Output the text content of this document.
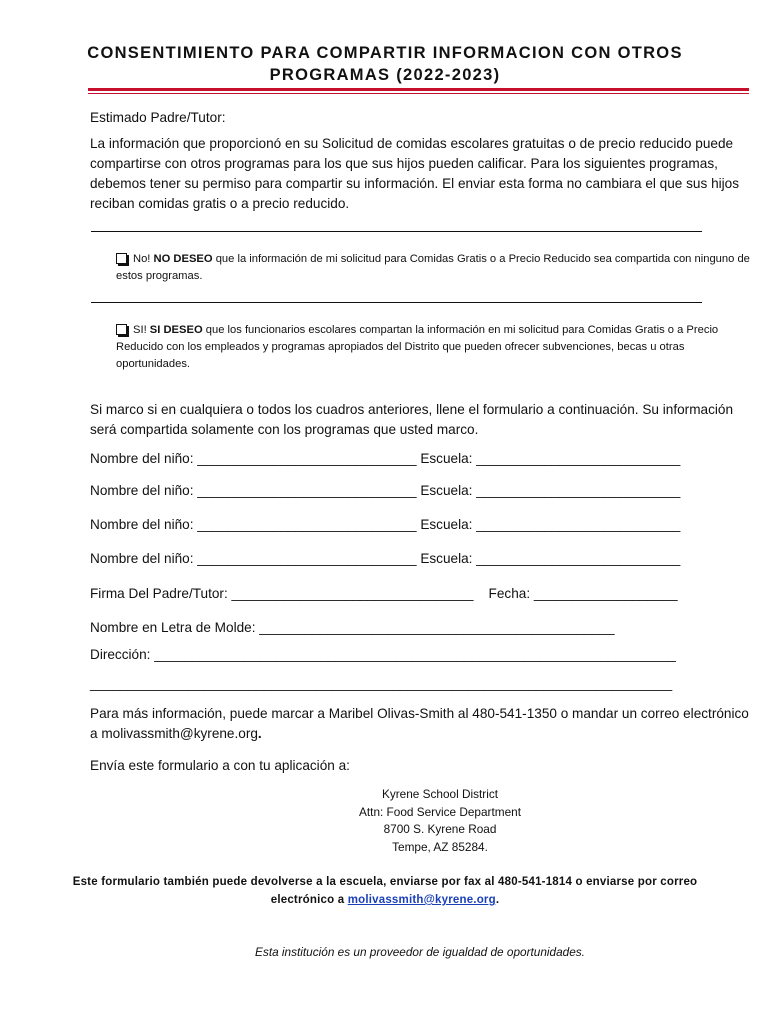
CONSENTIMIENTO PARA COMPARTIR INFORMACION CON OTROS
PROGRAMAS (2022-2023)
Estimado Padre/Tutor:
La información que proporcionó en su Solicitud de comidas escolares gratuitas o de precio reducido puede compartirse con otros programas para los que sus hijos pueden calificar. Para los siguientes programas, debemos tener su permiso para compartir su información. El enviar esta forma no cambiara el que sus hijos reciban comidas gratis o a precio reducido.
No! NO DESEO que la información de mi solicitud para Comidas Gratis o a Precio Reducido sea compartida con ninguno de estos programas.
SI! SI DESEO que los funcionarios escolares compartan la información en mi solicitud para Comidas Gratis o a Precio Reducido con los empleados y programas apropiados del Distrito que pueden ofrecer subvenciones, becas u otras oportunidades.
Si marco si en cualquiera o todos los cuadros anteriores, llene el formulario a continuación. Su información será compartida solamente con los programas que usted marco.
Nombre del niño: _____________________________ Escuela: ___________________________
Nombre del niño: _____________________________ Escuela: ___________________________
Nombre del niño: _____________________________ Escuela: ___________________________
Nombre del niño: _____________________________ Escuela: ___________________________
Firma Del Padre/Tutor: ________________________________    Fecha: ___________________
Nombre en Letra de Molde: _______________________________________________
Dirección: _____________________________________________________________________
_____________________________________________________________________________
Para más información, puede marcar a Maribel Olivas-Smith al 480-541-1350 o mandar un correo electrónico a molivassmith@kyrene.org.
Envía este formulario a con tu aplicación a:
Kyrene School District
Attn: Food Service Department
8700 S. Kyrene Road
Tempe, AZ 85284.
Este formulario también puede devolverse a la escuela, enviarse por fax al 480-541-1814 o enviarse por correo
electrónico a molivassmith@kyrene.org.
Esta institución es un proveedor de igualdad de oportunidades.
